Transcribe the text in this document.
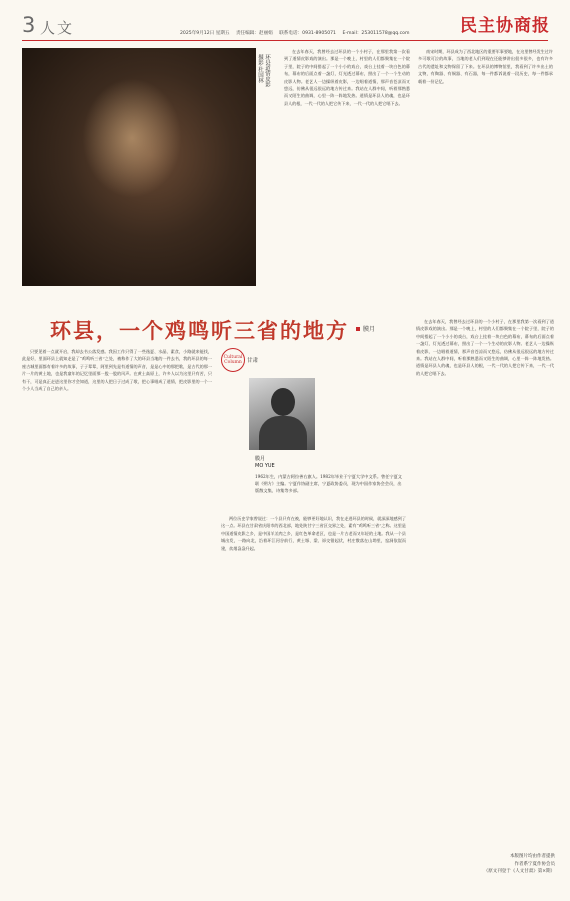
3 人文	2025年9月12日 星期五 责任编辑：赵丽娟 联系电话：0931-8905071 E-mail：253011578@qq.com	民主协商报
环县道情皮影
摄影·杜国林

在去年春天，我曾经去过环县的一个小村子，在那里我第一次看到了道情皮影戏的演出。那是一个晚上，村里的人们都聚集在一个院子里，院子的中间搭起了一个小小的戏台，戏台上挂着一块白色的幕布，幕布的后面点着一盏灯，灯光透过幕布，照出了一个一个生动的皮影人物。老艺人一边操纵着皮影，一边唱着道情，那声音苍凉而又悠远，仿佛从很远很远的地方传过来。我站在人群中间，听着那熟悉而又陌生的曲调，心里一阵一阵地发热。道情是环县人的魂，也是环县人的根，一代一代的人把它传下来，一代一代的人把它唱下去。

南宋时期，环县成为了西北地区的重要军事要地，在这里曾经发生过许多可歌可泣的故事，当地的老人们到现在还能够讲出很多很多，也有许多古代的遗址和文物保留了下来。在环县的博物馆里，我看到了许多出土的文物，有陶器、有铜器、有石器，每一件都诉说着一段历史，每一件都承载着一份记忆。

环县，一个鸡鸣听三省的地方	膜月

只要见着一点就开启，我却去书公落发感。我因工作只得了一些逸夏、水晶、素食，小路就来能找，此是好，里面环县上就知走是了“鸡鸣听三省”之处，被称作了大的环县当地的一件去书，我的环县的每一座古城里面都有着许多的故事，子子辈辈，阿里到先是有道情的声音，是是心中的那把歌，是古代的那一片一片的黄土地，也是我童年的记忆里面那一股一股的风声。在黄土高原上，许多人以为这里只有苦，只有干，可是真正走进这里你才会知道，这里的人把日子过成了歌，把心事唱成了道情，把皮影里的一个一个小人当成了自己的亲人。

Cultural Column 甘肃
膜月
MO YUE
1962年生，内蒙古阿拉善右旗人。1982年毕业于宁夏大学中文系。曾任宁夏文联《朔方》主编。宁夏作协副主席，宁夏政协委员，现为中国作家协会会员，出版散文集、诗集等多部。

两位历史学家曾说过：一个县只有在被，能够更好地认识，我在走进环县的时候，就深深地感到了这一点。环县在甘肃省庆阳市的西北部，地处陕甘宁三省区交界之处，素有“鸡鸣听三省”之称。这里是中国道情皮影之乡，是中国羊羔肉之乡，是红色革命老区，也是一片古老而又年轻的土地。我从一个县城出发，一路向北，沿着环江河谷前行，黄土塬、梁、峁交错起伏，村庄散落在山坳里，窑洞依崖而建，炊烟袅袅升起。

在去年春天，我曾经去过环县的一个小村子，在那里我第一次看到了道情皮影戏的演出。那是一个晚上，村里的人们都聚集在一个院子里，院子的中间搭起了一个小小的戏台，戏台上挂着一块白色的幕布，幕布的后面点着一盏灯，灯光透过幕布，照出了一个一个生动的皮影人物。老艺人一边操纵着皮影，一边唱着道情，那声音苍凉而又悠远，仿佛从很远很远的地方传过来。我站在人群中间，听着那熟悉而又陌生的曲调，心里一阵一阵地发热。道情是环县人的魂，也是环县人的根，一代一代的人把它传下来，一代一代的人把它唱下去。

本版图片均由作者提供
作者系宁夏作协会员
（原文刊登于《人文甘肃》第×期）
